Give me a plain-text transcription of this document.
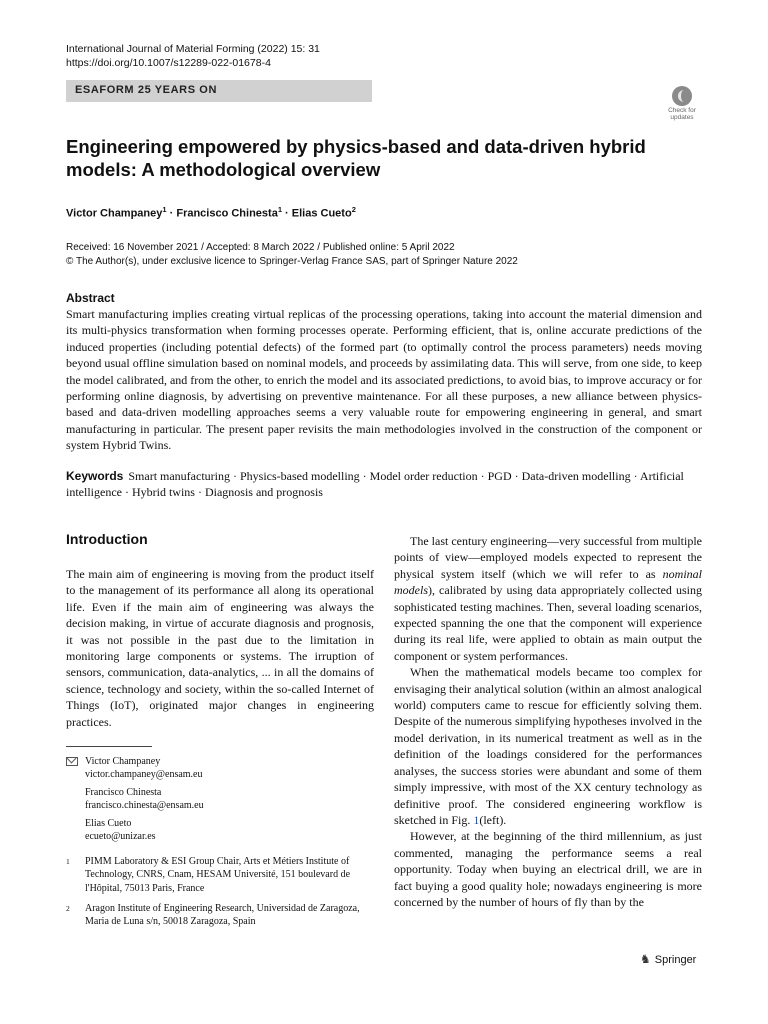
International Journal of Material Forming (2022) 15: 31
https://doi.org/10.1007/s12289-022-01678-4
ESAFORM 25 YEARS ON
Check for
updates
Engineering empowered by physics-based and data-driven hybrid models: A methodological overview
Victor Champaney$^1$ · Francisco Chinesta$^1$ · Elias Cueto$^2$
Received: 16 November 2021 / Accepted: 8 March 2022 / Published online: 5 April 2022
© The Author(s), under exclusive licence to Springer-Verlag France SAS, part of Springer Nature 2022
Abstract
Smart manufacturing implies creating virtual replicas of the processing operations, taking into account the material dimension and its multi-physics transformation when forming processes operate. Performing efficient, that is, online accurate predictions of the induced properties (including potential defects) of the formed part (to optimally control the process parameters) needs moving beyond usual offline simulation based on nominal models, and proceeds by assimilating data. This will serve, from one side, to keep the model calibrated, and from the other, to enrich the model and its associated predictions, to avoid bias, to improve accuracy or for performing online diagnosis, by advertising on preventive maintenance. For all these purposes, a new alliance between physics-based and data-driven modelling approaches seems a very valuable route for empowering engineering in general, and smart manufacturing in particular. The present paper revisits the main methodologies involved in the construction of the component or system Hybrid Twins.
Keywords Smart manufacturing · Physics-based modelling · Model order reduction · PGD · Data-driven modelling · Artificial intelligence · Hybrid twins · Diagnosis and prognosis
Introduction
The main aim of engineering is moving from the product itself to the management of its performance all along its operational life. Even if the main aim of engineering was always the decision making, in virtue of accurate diagnosis and prognosis, it was not possible in the past due to the limitation in monitoring large components or systems. The irruption of sensors, communication, data-analytics, ... in all the domains of science, technology and society, within the so-called Internet of Things (IoT), originated major changes in engineering practices.

The last century engineering—very successful from multiple points of view—employed models expected to represent the physical system itself (which we will refer to as nominal models), calibrated by using data appropriately collected using sophisticated testing machines. Then, several loading scenarios, expected spanning the one that the component will experience during its real life, were applied to obtain as main output the component or system performances.

When the mathematical models became too complex for envisaging their analytical solution (within an almost analogical world) computers came to rescue for efficiently solving them. Despite of the numerous simplifying hypotheses involved in the model derivation, in its numerical treatment as well as in the definition of the loadings considered for the performances analyses, the success stories were abundant and some of them simply impressive, with most of the XX century technology as definitive proof. The considered engineering workflow is sketched in Fig. 1(left).

However, at the beginning of the third millennium, as just commented, managing the performance seems a real opportunity. Today when buying an electrical drill, we are in fact buying a good quality hole; nowadays engineering is more concerned by the number of hours of fly than by the

Victor Champaney
victor.champaney@ensam.eu
Francisco Chinesta
francisco.chinesta@ensam.eu
Elias Cueto
ecueto@unizar.es
1 PIMM Laboratory & ESI Group Chair, Arts et Métiers Institute of Technology, CNRS, Cnam, HESAM Université, 151 boulevard de l'Hôpital, 75013 Paris, France
2 Aragon Institute of Engineering Research, Universidad de Zaragoza, Maria de Luna s/n, 50018 Zaragoza, Spain
♞ Springer
